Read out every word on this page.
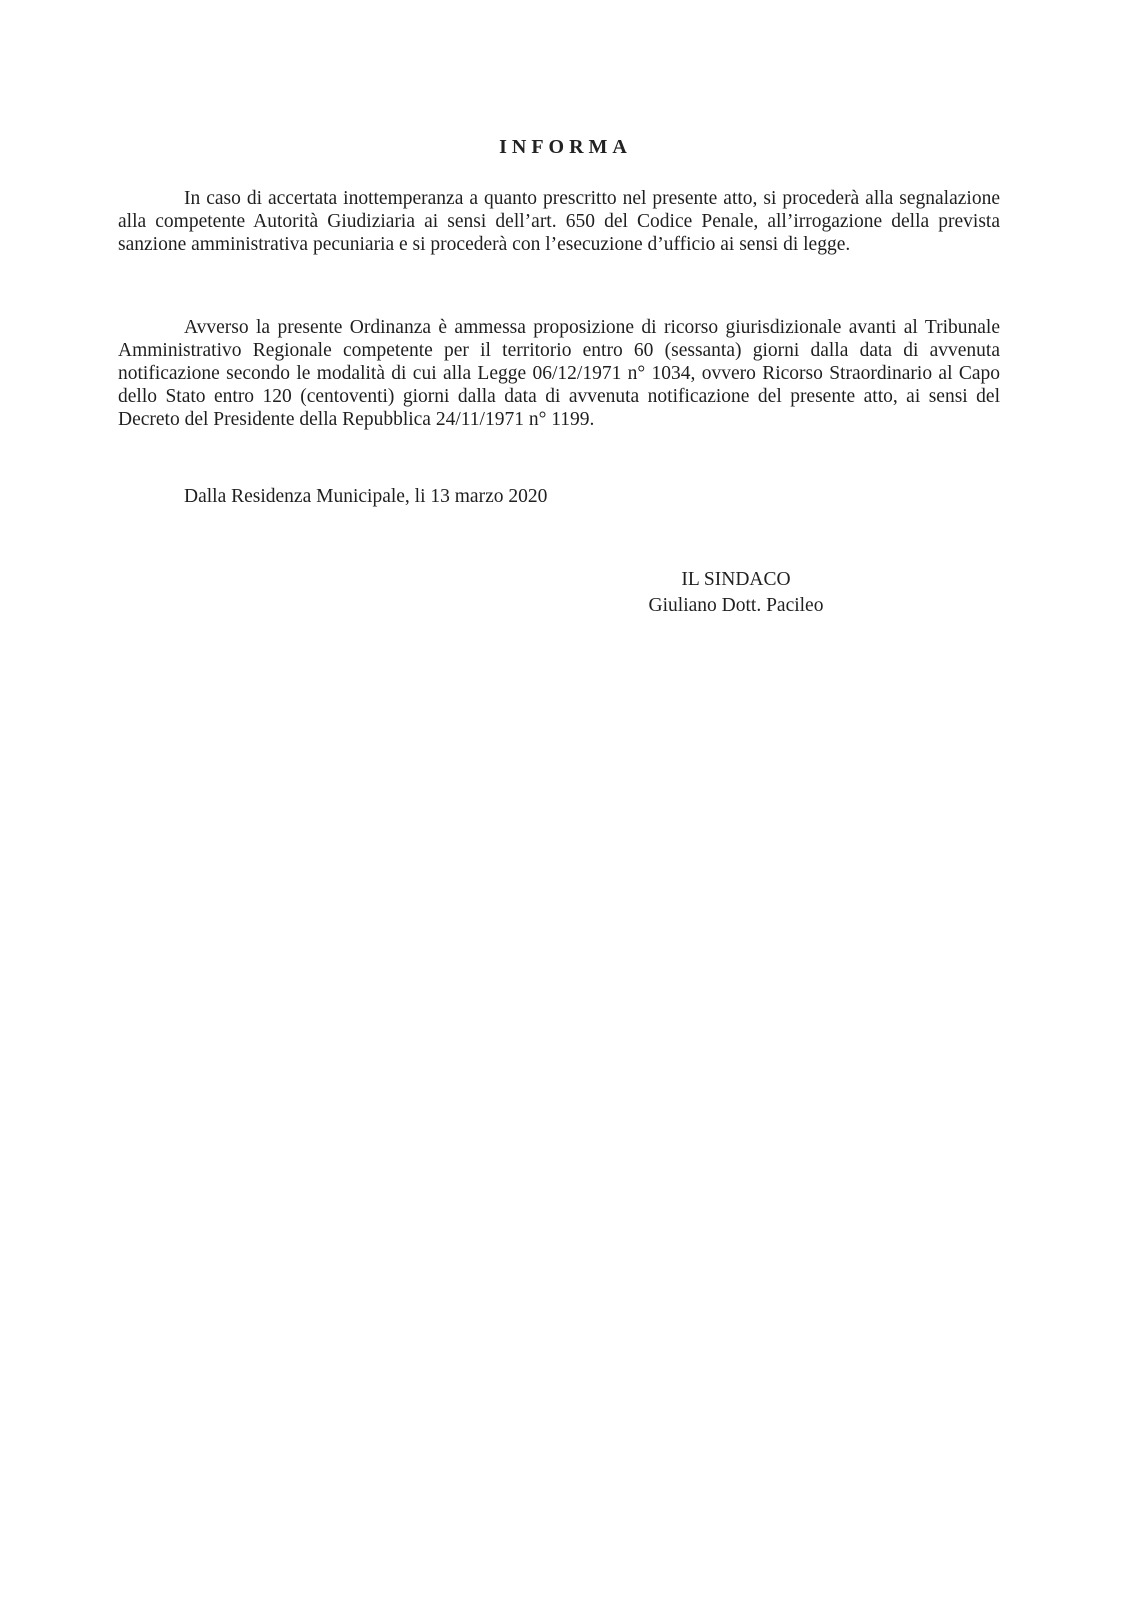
INFORMA
In caso di accertata inottemperanza a quanto prescritto nel presente atto, si procederà alla segnalazione alla competente Autorità Giudiziaria ai sensi dell’art. 650 del Codice Penale, all’irrogazione della prevista sanzione amministrativa pecuniaria e si procederà con l’esecuzione d’ufficio ai sensi di legge.
Avverso la presente Ordinanza è ammessa proposizione di ricorso giurisdizionale avanti al Tribunale Amministrativo Regionale competente per il territorio entro 60 (sessanta) giorni dalla data di avvenuta notificazione secondo le modalità di cui alla Legge 06/12/1971 n° 1034, ovvero Ricorso Straordinario al Capo dello Stato entro 120 (centoventi) giorni dalla data di avvenuta notificazione del presente atto, ai sensi del Decreto del Presidente della Repubblica 24/11/1971 n° 1199.
Dalla Residenza Municipale, li 13 marzo 2020
IL SINDACO
Giuliano Dott. Pacileo
